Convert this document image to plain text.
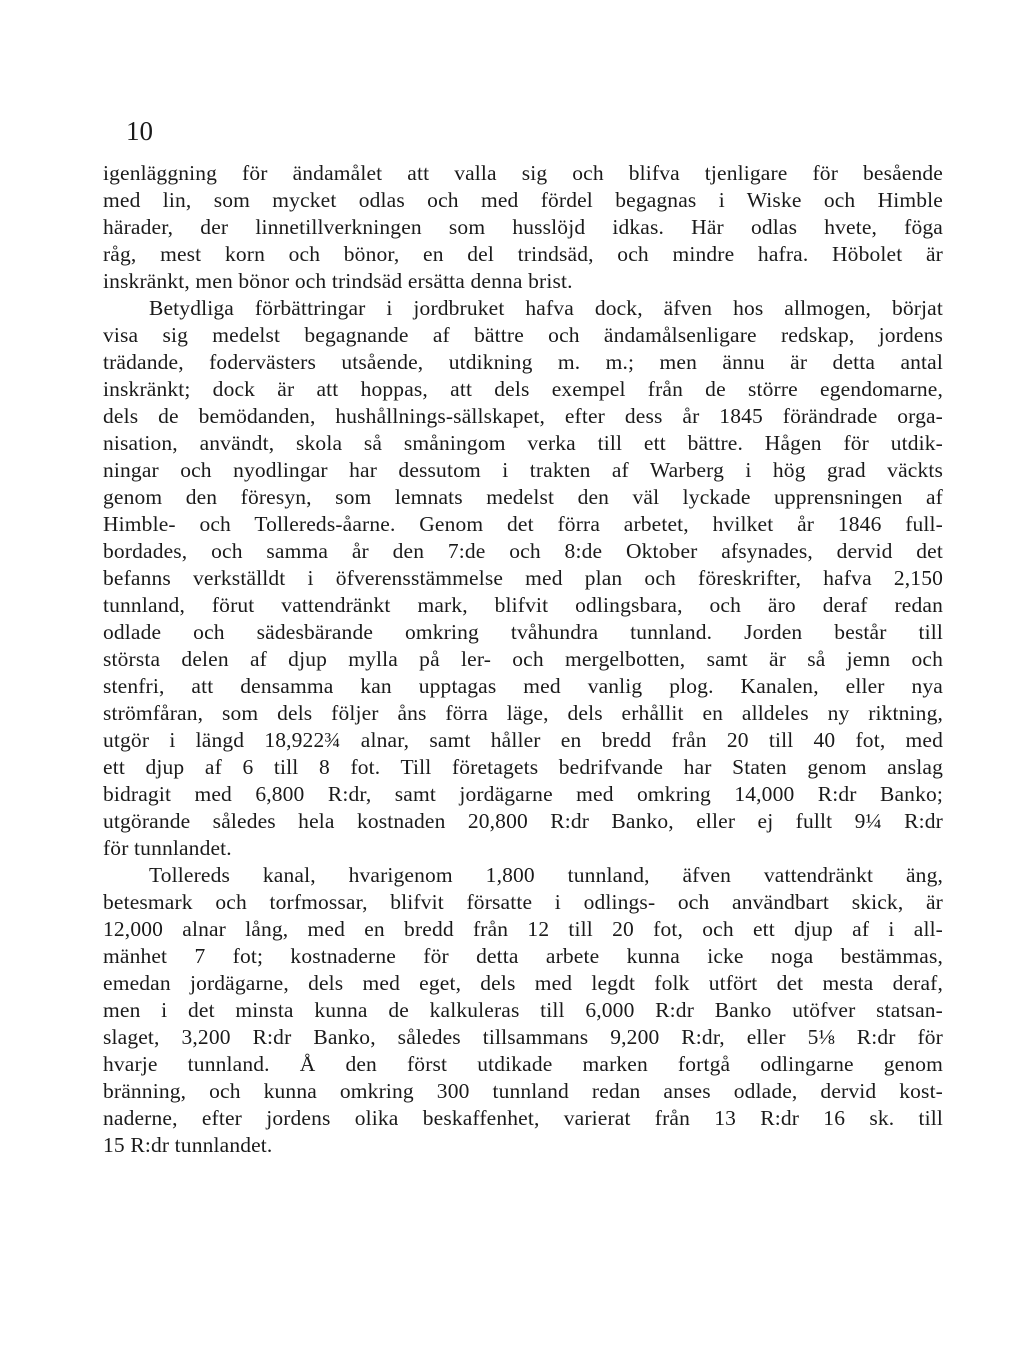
10
igenläggning för ändamålet att valla sig och blifva tjenligare för besående
med lin, som mycket odlas och med fördel begagnas i Wiske och Himble
härader, der linnetillverkningen som husslöjd idkas. Här odlas hvete, föga
råg, mest korn och bönor, en del trindsäd, och mindre hafra. Höbolet är
inskränkt, men bönor och trindsäd ersätta denna brist.
Betydliga förbättringar i jordbruket hafva dock, äfven hos allmogen, börjat
visa sig medelst begagnande af bättre och ändamålsenligare redskap, jordens
trädande, fodervästers utsående, utdikning m. m.; men ännu är detta antal
inskränkt; dock är att hoppas, att dels exempel från de större egendomarne,
dels de bemödanden, hushållnings-sällskapet, efter dess år 1845 förändrade orga-
nisation, användt, skola så småningom verka till ett bättre. Hågen för utdik-
ningar och nyodlingar har dessutom i trakten af Warberg i hög grad väckts
genom den föresyn, som lemnats medelst den väl lyckade upprensningen af
Himble- och Tollereds-åarne. Genom det förra arbetet, hvilket år 1846 full-
bordades, och samma år den 7:de och 8:de Oktober afsynades, dervid det
befanns verkställdt i öfverensstämmelse med plan och föreskrifter, hafva 2,150
tunnland, förut vattendränkt mark, blifvit odlingsbara, och äro deraf redan
odlade och sädesbärande omkring tvåhundra tunnland. Jorden består till
största delen af djup mylla på ler- och mergelbotten, samt är så jemn och
stenfri, att densamma kan upptagas med vanlig plog. Kanalen, eller nya
strömfåran, som dels följer åns förra läge, dels erhållit en alldeles ny riktning,
utgör i längd 18,922¾ alnar, samt håller en bredd från 20 till 40 fot, med
ett djup af 6 till 8 fot. Till företagets bedrifvande har Staten genom anslag
bidragit med 6,800 R:dr, samt jordägarne med omkring 14,000 R:dr Banko;
utgörande således hela kostnaden 20,800 R:dr Banko, eller ej fullt 9¼ R:dr
för tunnlandet.
Tollereds kanal, hvarigenom 1,800 tunnland, äfven vattendränkt äng,
betesmark och torfmossar, blifvit försatte i odlings- och användbart skick, är
12,000 alnar lång, med en bredd från 12 till 20 fot, och ett djup af i all-
mänhet 7 fot; kostnaderne för detta arbete kunna icke noga bestämmas,
emedan jordägarne, dels med eget, dels med legdt folk utfört det mesta deraf,
men i det minsta kunna de kalkuleras till 6,000 R:dr Banko utöfver statsan-
slaget, 3,200 R:dr Banko, således tillsammans 9,200 R:dr, eller 5⅛ R:dr för
hvarje tunnland. Å den först utdikade marken fortgå odlingarne genom
bränning, och kunna omkring 300 tunnland redan anses odlade, dervid kost-
naderne, efter jordens olika beskaffenhet, varierat från 13 R:dr 16 sk. till
15 R:dr tunnlandet.
